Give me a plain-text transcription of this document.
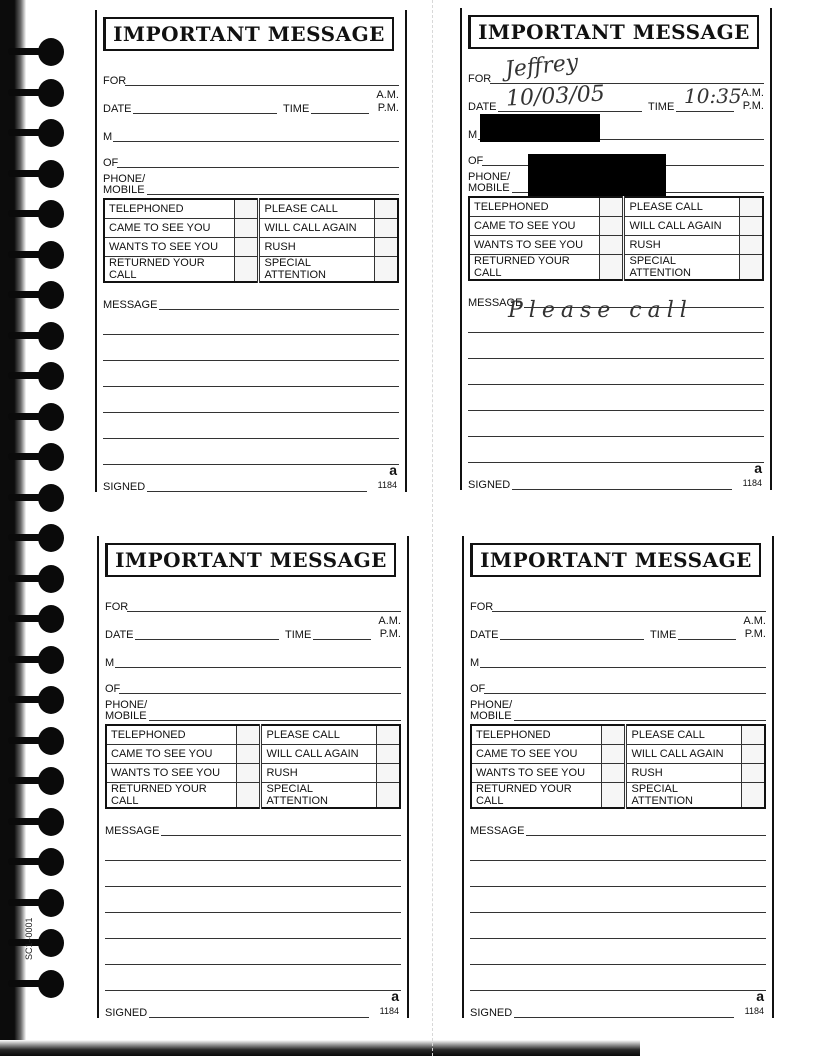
SC1–0001
IMPORTANT MESSAGE
FOR
A.M.
DATE	TIME	P.M.
M
OF
PHONE/
MOBILE
TELEPHONED		PLEASE CALL	
CAME TO SEE YOU		WILL CALL AGAIN	
WANTS TO SEE YOU		RUSH	
RETURNED YOUR CALL		SPECIAL ATTENTION	
MESSAGE
SIGNED
a
1184
IMPORTANT MESSAGE
FOR
A.M.
DATE	TIME	P.M.
M
OF
PHONE/
MOBILE
TELEPHONED		PLEASE CALL	
CAME TO SEE YOU		WILL CALL AGAIN	
WANTS TO SEE YOU		RUSH	
RETURNED YOUR CALL		SPECIAL ATTENTION	
MESSAGE
SIGNED
a
1184
Jeffrey
10/03/05	10:35
Please call
IMPORTANT MESSAGE
FOR
A.M.
DATE	TIME	P.M.
M
OF
PHONE/
MOBILE
TELEPHONED		PLEASE CALL	
CAME TO SEE YOU		WILL CALL AGAIN	
WANTS TO SEE YOU		RUSH	
RETURNED YOUR CALL		SPECIAL ATTENTION	
MESSAGE
SIGNED
a
1184
IMPORTANT MESSAGE
FOR
A.M.
DATE	TIME	P.M.
M
OF
PHONE/
MOBILE
TELEPHONED		PLEASE CALL	
CAME TO SEE YOU		WILL CALL AGAIN	
WANTS TO SEE YOU		RUSH	
RETURNED YOUR CALL		SPECIAL ATTENTION	
MESSAGE
SIGNED
a
1184
